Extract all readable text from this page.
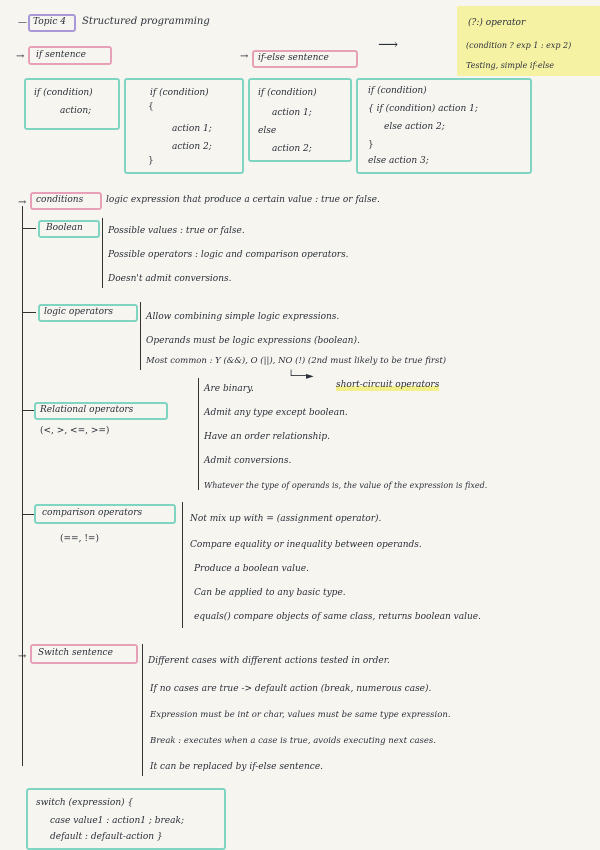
— Topic 4 Structured programming	(?:) operator
(condition ? exp 1 : exp 2)
Testing, simple if-else
→ if sentence	→ if-else sentence
⟶
if (condition)
action;
if (condition)
{
action 1;
action 2;
}
if (condition)
action 1;
else
action 2;
if (condition)
{ if (condition) action 1;
else action 2;
}
else action 3;
→ conditions	logic expression that produce a certain value : true or false.
Boolean	Possible values : true or false.
Possible operators : logic and comparison operators.
Doesn't admit conversions.
logic operators	Allow combining simple logic expressions.
Operands must be logic expressions (boolean).
Most common : Y (&&), O (||), NO (!) (2nd must likely to be true first)
└──►
short-circuit operators
Relational operators
(<, >, <=, >=)
Are binary.
Admit any type except boolean.
Have an order relationship.
Admit conversions.
Whatever the type of operands is, the value of the expression is fixed.
comparison operators
(==, !=)
Not mix up with = (assignment operator).
Compare equality or inequality between operands.
Produce a boolean value.
Can be applied to any basic type.
equals() compare objects of same class, returns boolean value.
→ Switch sentence
Different cases with different actions tested in order.
If no cases are true -> default action (break, numerous case).
Expression must be int or char, values must be same type expression.
Break : executes when a case is true, avoids executing next cases.
It can be replaced by if-else sentence.
switch (expression) {
case value1 : action1 ; break;
default : default-action }
